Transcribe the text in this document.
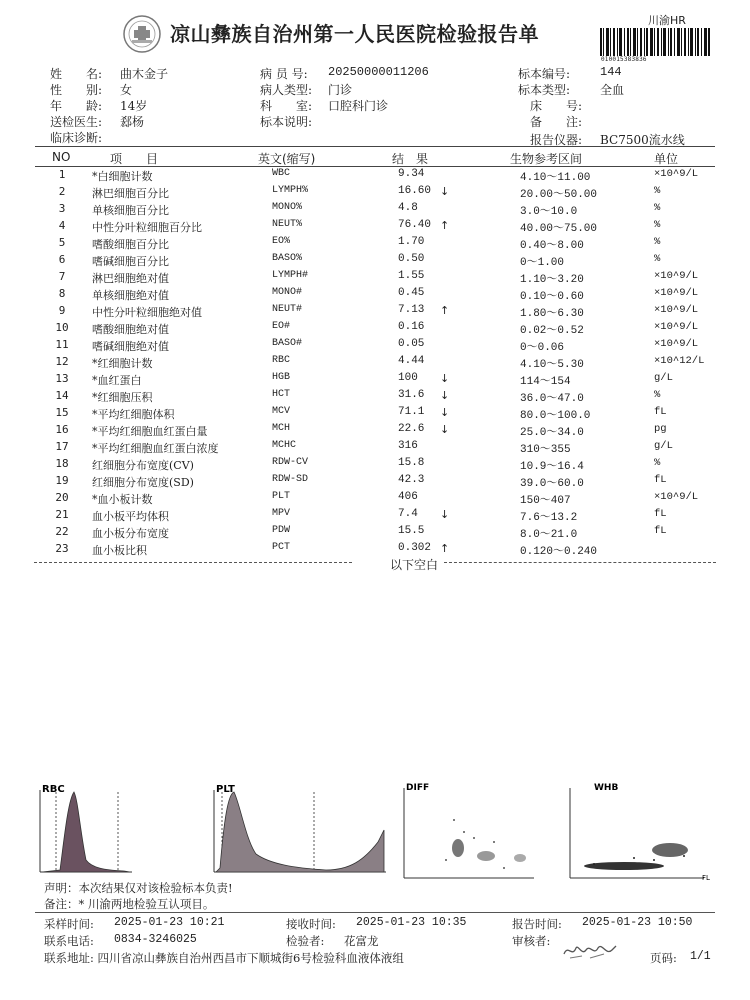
凉山彝族自治州第一人民医院检验报告单
川渝HR
010015383836
姓　　名: 曲木金子
性　　别: 女
年　　龄: 14岁
送检医生: 郄杨
临床诊断:
病 员 号: 20250000011206
病人类型: 门诊
科　　室: 口腔科门诊
标本说明:
标本编号: 144
标本类型: 全血
床　　号:
备　　注:
报告仪器: BC7500流水线
NO	项　　目	英文(缩写)	结　果	生物参考区间	单位
1	*白细胞计数	WBC	9.34	4.10～11.00	×10^9/L
2	淋巴细胞百分比	LYMPH%	16.60 ↓	20.00～50.00	%
3	单核细胞百分比	MONO%	4.8	3.0～10.0	%
4	中性分叶粒细胞百分比	NEUT%	76.40 ↑	40.00～75.00	%
5	嗜酸细胞百分比	EO%	1.70	0.40～8.00	%
6	嗜碱细胞百分比	BASO%	0.50	0～1.00	%
7	淋巴细胞绝对值	LYMPH#	1.55	1.10～3.20	×10^9/L
8	单核细胞绝对值	MONO#	0.45	0.10～0.60	×10^9/L
9	中性分叶粒细胞绝对值	NEUT#	7.13 ↑	1.80～6.30	×10^9/L
10	嗜酸细胞绝对值	EO#	0.16	0.02～0.52	×10^9/L
11	嗜碱细胞绝对值	BASO#	0.05	0～0.06	×10^9/L
12	*红细胞计数	RBC	4.44	4.10～5.30	×10^12/L
13	*血红蛋白	HGB	100 ↓	114～154	g/L
14	*红细胞压积	HCT	31.6 ↓	36.0～47.0	%
15	*平均红细胞体积	MCV	71.1 ↓	80.0～100.0	fL
16	*平均红细胞血红蛋白量	MCH	22.6 ↓	25.0～34.0	pg
17	*平均红细胞血红蛋白浓度	MCHC	316	310～355	g/L
18	红细胞分布宽度(CV)	RDW-CV	15.8	10.9～16.4	%
19	红细胞分布宽度(SD)	RDW-SD	42.3	39.0～60.0	fL
20	*血小板计数	PLT	406	150～407	×10^9/L
21	血小板平均体积	MPV	7.4 ↓	7.6～13.2	fL
22	血小板分布宽度	PDW	15.5	8.0～21.0	fL
23	血小板比积	PCT	0.302 ↑	0.120～0.240
以下空白
RBC	PLT	DIFF	WHB
FL
声明：本次结果仅对该检验标本负责!
备注：* 川渝两地检验互认项目。
采样时间: 2025-01-23 10:21	接收时间: 2025-01-23 10:35	报告时间: 2025-01-23 10:50
联系电话: 0834-3246025	检验者: 花富龙	审核者:
联系地址: 四川省凉山彝族自治州西昌市下顺城街6号检验科血液体液组	页码: 1/1
